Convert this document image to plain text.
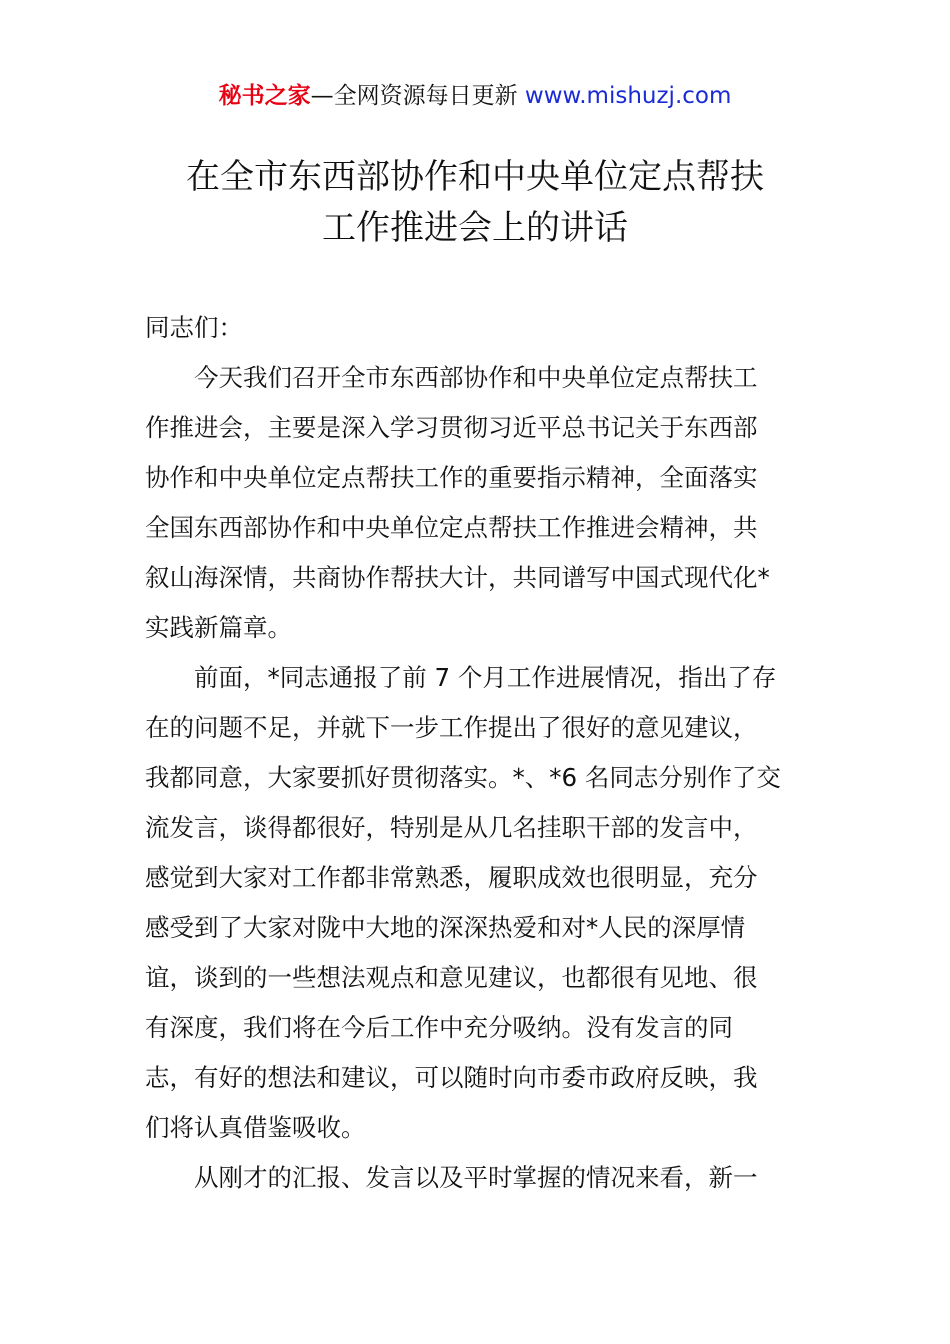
秘书之家—全网资源每日更新 www.mishuzj.com
在全市东西部协作和中央单位定点帮扶
工作推进会上的讲话
同志们：
今天我们召开全市东西部协作和中央单位定点帮扶工
作推进会，主要是深入学习贯彻习近平总书记关于东西部
协作和中央单位定点帮扶工作的重要指示精神，全面落实
全国东西部协作和中央单位定点帮扶工作推进会精神，共
叙山海深情，共商协作帮扶大计，共同谱写中国式现代化*
实践新篇章。
前面，*同志通报了前 7 个月工作进展情况，指出了存
在的问题不足，并就下一步工作提出了很好的意见建议，
我都同意，大家要抓好贯彻落实。*、*6 名同志分别作了交
流发言，谈得都很好，特别是从几名挂职干部的发言中，
感觉到大家对工作都非常熟悉，履职成效也很明显，充分
感受到了大家对陇中大地的深深热爱和对*人民的深厚情
谊，谈到的一些想法观点和意见建议，也都很有见地、很
有深度，我们将在今后工作中充分吸纳。没有发言的同
志，有好的想法和建议，可以随时向市委市政府反映，我
们将认真借鉴吸收。
从刚才的汇报、发言以及平时掌握的情况来看，新一
